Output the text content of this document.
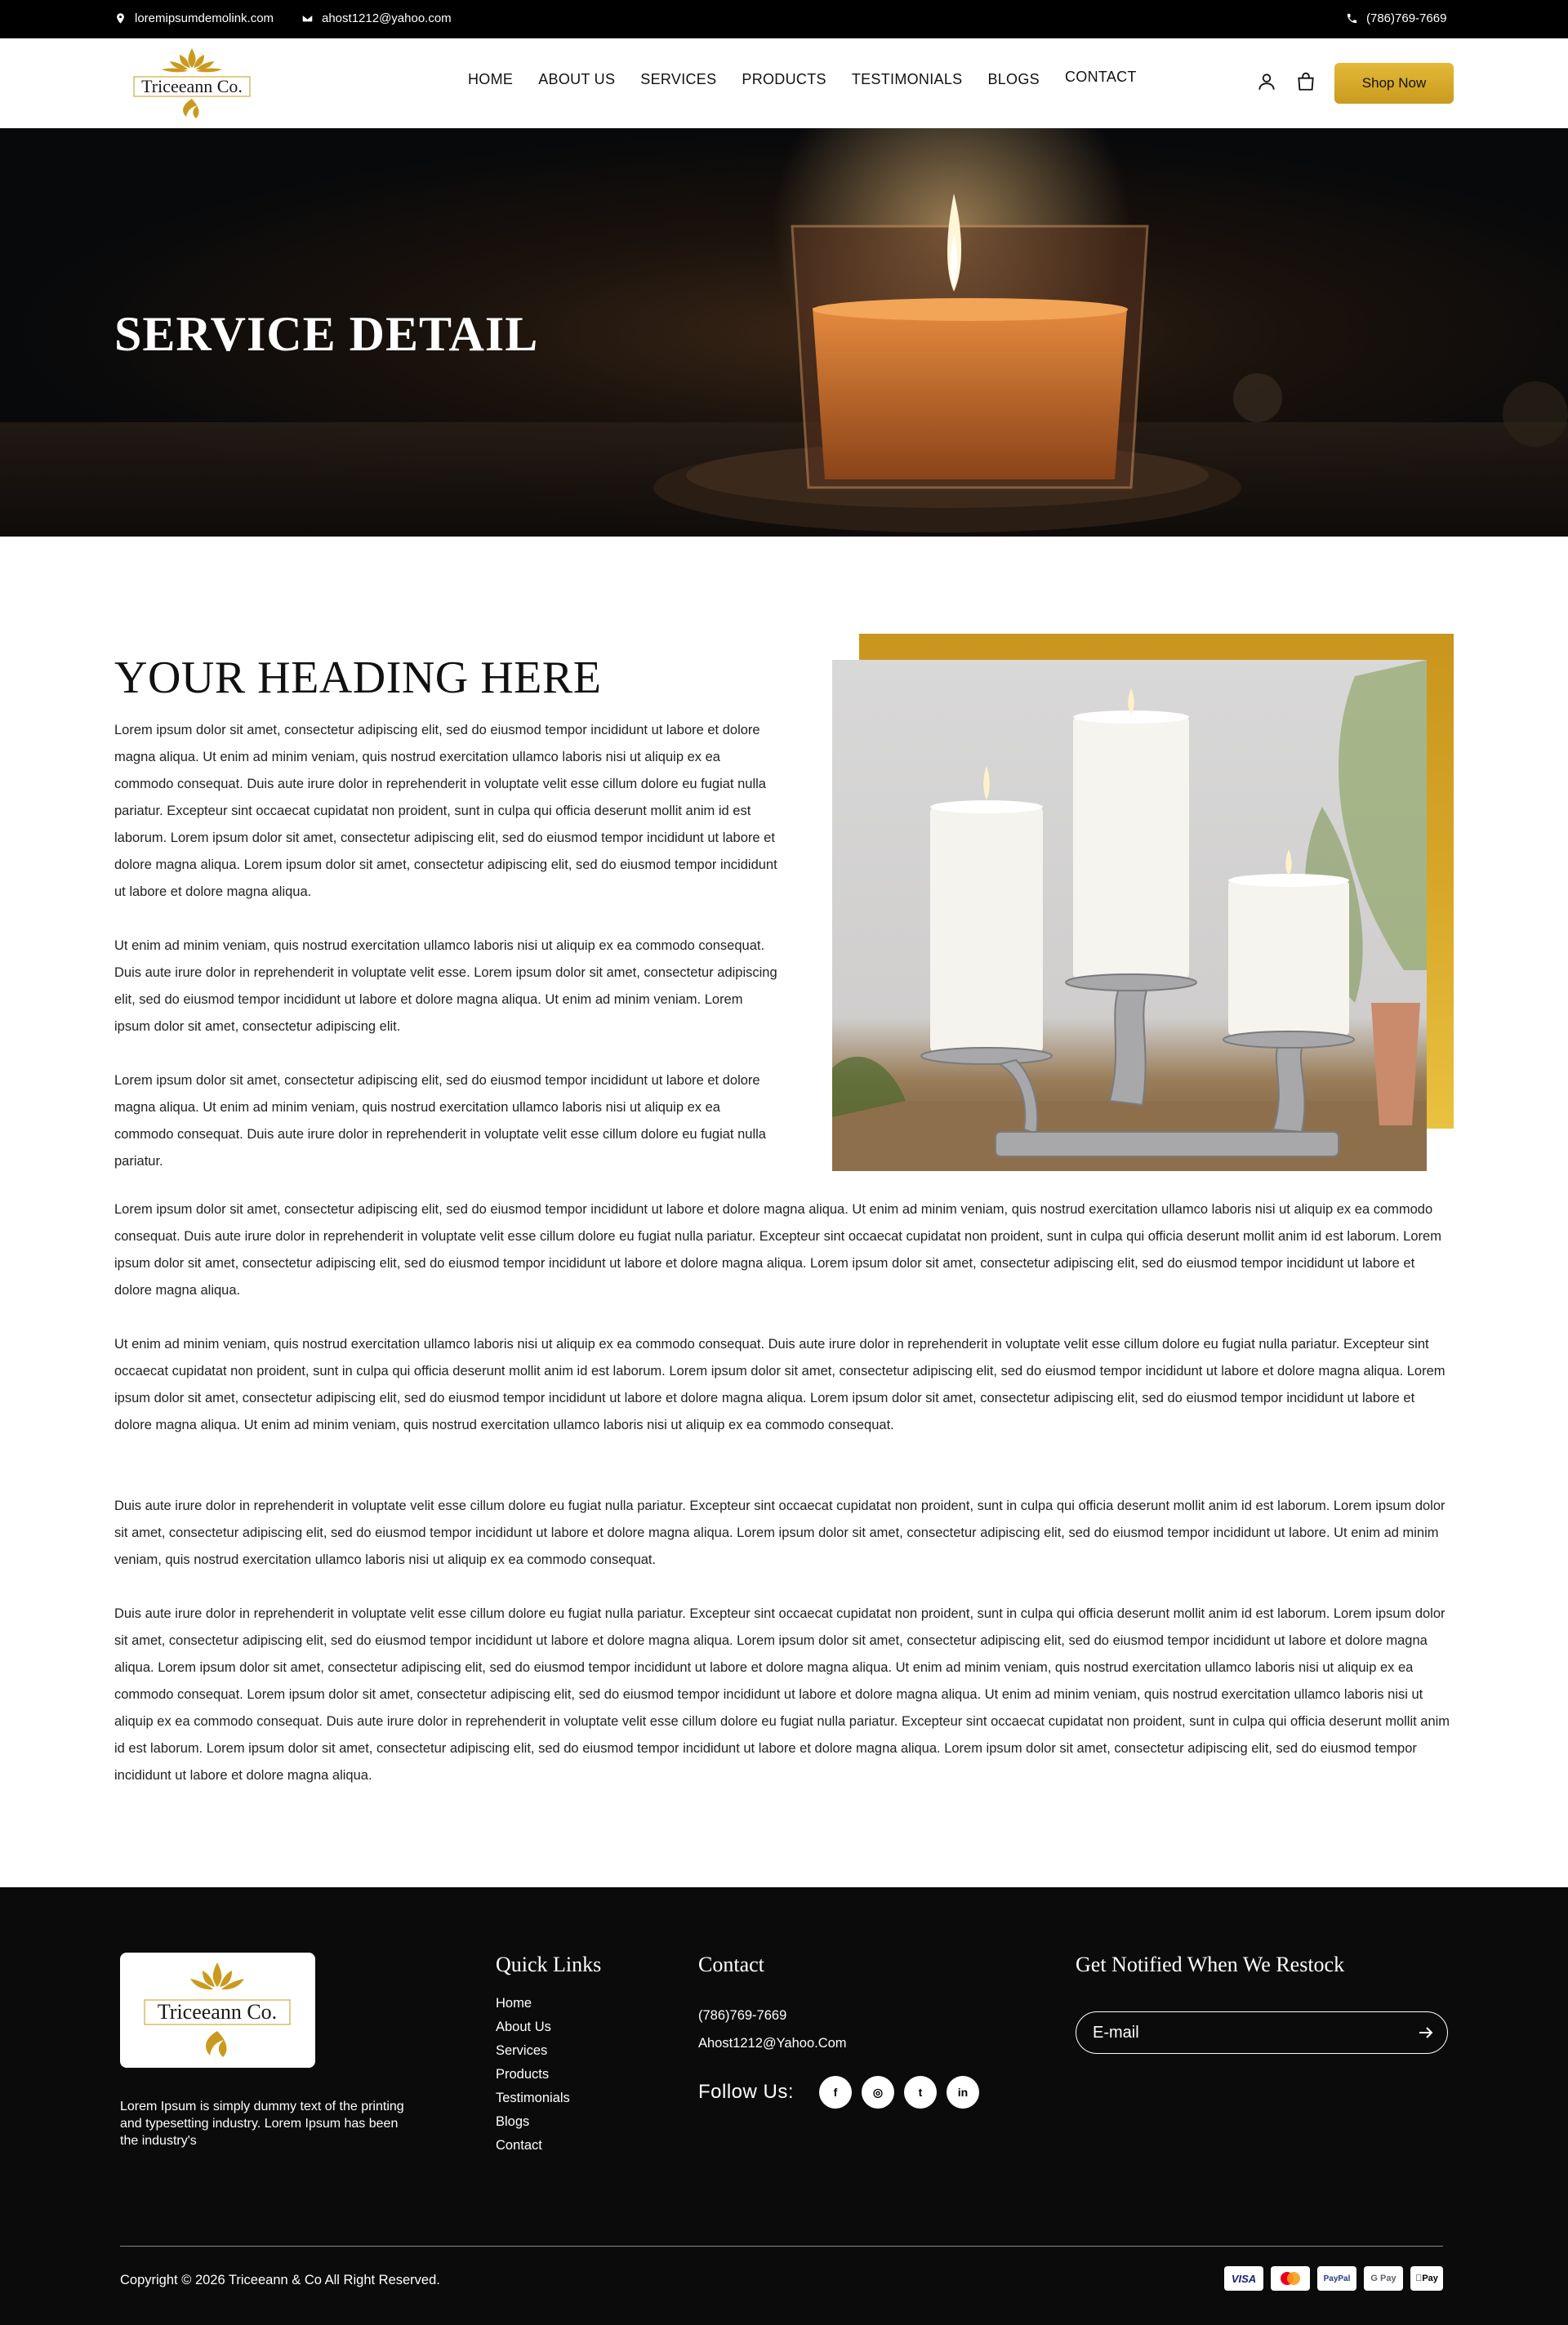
loremipsumdemolink.com	ahost1212@yahoo.com	(786)769-7669
Triceeann Co.	HOME ABOUT US SERVICES PRODUCTS TESTIMONIALS BLOGS CONTACT	Shop Now
SERVICE DETAIL
YOUR HEADING HERE

Lorem ipsum dolor sit amet, consectetur adipiscing elit, sed do eiusmod tempor incididunt ut labore et dolore magna aliqua. Ut enim ad minim veniam, quis nostrud exercitation ullamco laboris nisi ut aliquip ex ea commodo consequat. Duis aute irure dolor in reprehenderit in voluptate velit esse cillum dolore eu fugiat nulla pariatur. Excepteur sint occaecat cupidatat non proident, sunt in culpa qui officia deserunt mollit anim id est laborum. Lorem ipsum dolor sit amet, consectetur adipiscing elit, sed do eiusmod tempor incididunt ut labore et dolore magna aliqua. Lorem ipsum dolor sit amet, consectetur adipiscing elit, sed do eiusmod tempor incididunt ut labore et dolore magna aliqua.

Ut enim ad minim veniam, quis nostrud exercitation ullamco laboris nisi ut aliquip ex ea commodo consequat. Duis aute irure dolor in reprehenderit in voluptate velit esse. Lorem ipsum dolor sit amet, consectetur adipiscing elit, sed do eiusmod tempor incididunt ut labore et dolore magna aliqua. Ut enim ad minim veniam. Lorem ipsum dolor sit amet, consectetur adipiscing elit.

Lorem ipsum dolor sit amet, consectetur adipiscing elit, sed do eiusmod tempor incididunt ut labore et dolore magna aliqua. Ut enim ad minim veniam, quis nostrud exercitation ullamco laboris nisi ut aliquip ex ea commodo consequat. Duis aute irure dolor in reprehenderit in voluptate velit esse cillum dolore eu fugiat nulla pariatur.

Lorem ipsum dolor sit amet, consectetur adipiscing elit, sed do eiusmod tempor incididunt ut labore et dolore magna aliqua. Ut enim ad minim veniam, quis nostrud exercitation ullamco laboris nisi ut aliquip ex ea commodo consequat. Duis aute irure dolor in reprehenderit in voluptate velit esse cillum dolore eu fugiat nulla pariatur. Excepteur sint occaecat cupidatat non proident, sunt in culpa qui officia deserunt mollit anim id est laborum. Lorem ipsum dolor sit amet, consectetur adipiscing elit, sed do eiusmod tempor incididunt ut labore et dolore magna aliqua. Lorem ipsum dolor sit amet, consectetur adipiscing elit, sed do eiusmod tempor incididunt ut labore et dolore magna aliqua.

Ut enim ad minim veniam, quis nostrud exercitation ullamco laboris nisi ut aliquip ex ea commodo consequat. Duis aute irure dolor in reprehenderit in voluptate velit esse cillum dolore eu fugiat nulla pariatur. Excepteur sint occaecat cupidatat non proident, sunt in culpa qui officia deserunt mollit anim id est laborum. Lorem ipsum dolor sit amet, consectetur adipiscing elit, sed do eiusmod tempor incididunt ut labore et dolore magna aliqua. Lorem ipsum dolor sit amet, consectetur adipiscing elit, sed do eiusmod tempor incididunt ut labore et dolore magna aliqua. Lorem ipsum dolor sit amet, consectetur adipiscing elit, sed do eiusmod tempor incididunt ut labore et dolore magna aliqua. Ut enim ad minim veniam, quis nostrud exercitation ullamco laboris nisi ut aliquip ex ea commodo consequat.

Duis aute irure dolor in reprehenderit in voluptate velit esse cillum dolore eu fugiat nulla pariatur. Excepteur sint occaecat cupidatat non proident, sunt in culpa qui officia deserunt mollit anim id est laborum. Lorem ipsum dolor sit amet, consectetur adipiscing elit, sed do eiusmod tempor incididunt ut labore et dolore magna aliqua. Lorem ipsum dolor sit amet, consectetur adipiscing elit, sed do eiusmod tempor incididunt ut labore. Ut enim ad minim veniam, quis nostrud exercitation ullamco laboris nisi ut aliquip ex ea commodo consequat.

Duis aute irure dolor in reprehenderit in voluptate velit esse cillum dolore eu fugiat nulla pariatur. Excepteur sint occaecat cupidatat non proident, sunt in culpa qui officia deserunt mollit anim id est laborum. Lorem ipsum dolor sit amet, consectetur adipiscing elit, sed do eiusmod tempor incididunt ut labore et dolore magna aliqua. Lorem ipsum dolor sit amet, consectetur adipiscing elit, sed do eiusmod tempor incididunt ut labore et dolore magna aliqua. Lorem ipsum dolor sit amet, consectetur adipiscing elit, sed do eiusmod tempor incididunt ut labore et dolore magna aliqua. Ut enim ad minim veniam, quis nostrud exercitation ullamco laboris nisi ut aliquip ex ea commodo consequat. Lorem ipsum dolor sit amet, consectetur adipiscing elit, sed do eiusmod tempor incididunt ut labore et dolore magna aliqua. Ut enim ad minim veniam, quis nostrud exercitation ullamco laboris nisi ut aliquip ex ea commodo consequat. Duis aute irure dolor in reprehenderit in voluptate velit esse cillum dolore eu fugiat nulla pariatur. Excepteur sint occaecat cupidatat non proident, sunt in culpa qui officia deserunt mollit anim id est laborum. Lorem ipsum dolor sit amet, consectetur adipiscing elit, sed do eiusmod tempor incididunt ut labore et dolore magna aliqua. Lorem ipsum dolor sit amet, consectetur adipiscing elit, sed do eiusmod tempor incididunt ut labore et dolore magna aliqua.

Triceeann Co.

Lorem Ipsum is simply dummy text of the printing and typesetting industry. Lorem Ipsum has been the industry's

Quick Links
Home
About Us
Services
Products
Testimonials
Blogs
Contact
Contact
(786)769-7669
Ahost1212@Yahoo.Com
Follow Us:	f	◎	t	in
Get Notified When We Restock
E-mail
Copyright © 2026 Triceeann & Co All Right Reserved.	VISA	PayPal	G Pay	Pay
